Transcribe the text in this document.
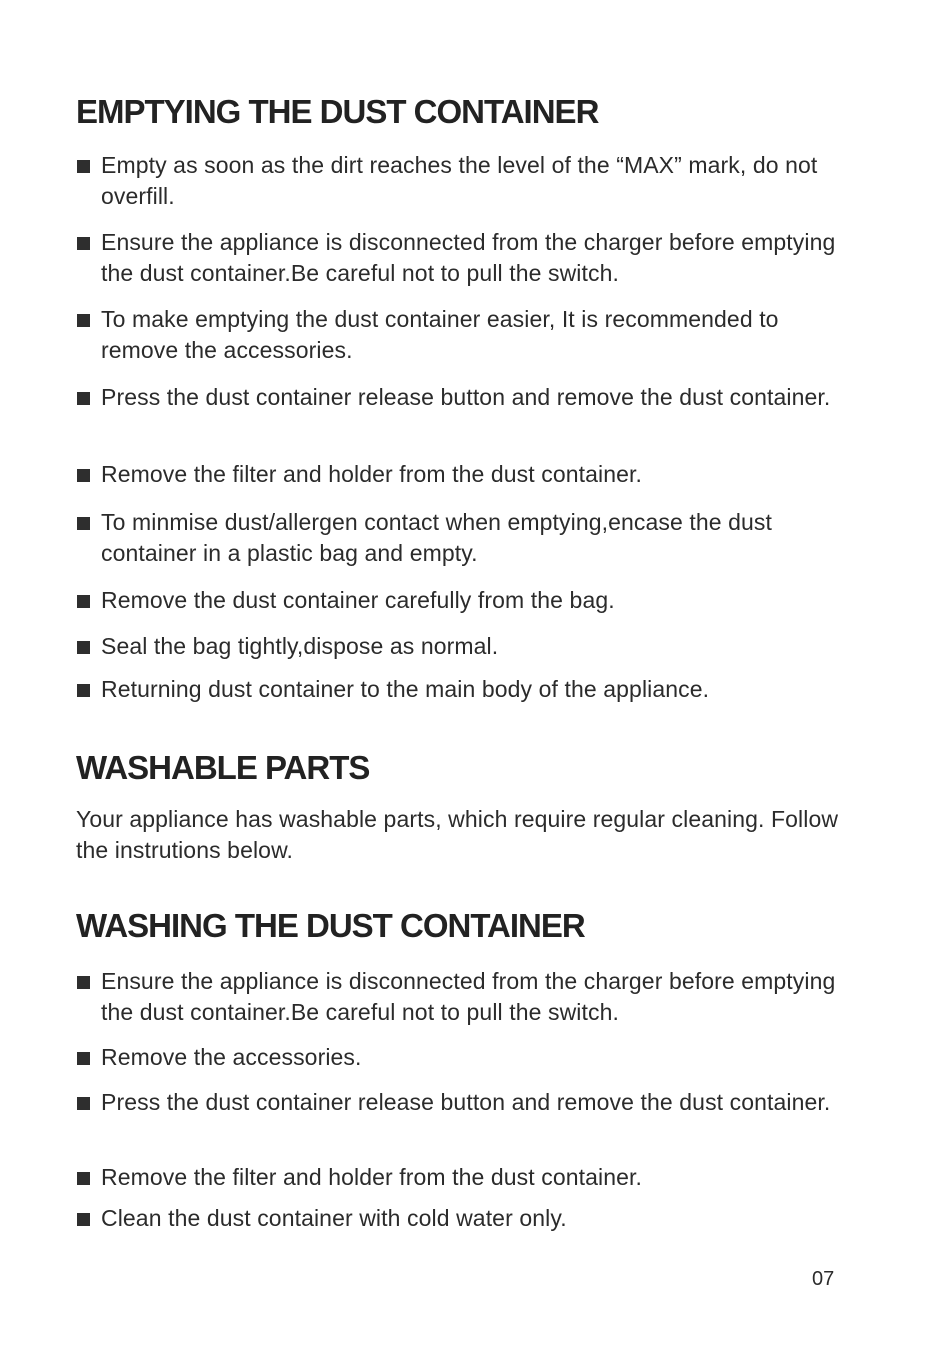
EMPTYING THE DUST CONTAINER
Empty as soon as the dirt reaches the level of the “MAX” mark, do not overfill.
Ensure the appliance is disconnected from the charger before emptying the dust container.Be careful not to pull the switch.
To make emptying the dust container easier, It is recommended to remove the accessories.
Press the dust container release button and remove the dust container.
Remove the filter and holder from the dust container.
To minmise dust/allergen contact when emptying,encase the dust container in a plastic bag and empty.
Remove the dust container carefully from the bag.
Seal the bag tightly,dispose as normal.
Returning dust container to the main body of the appliance.
WASHABLE PARTS

Your appliance has washable parts, which require regular cleaning. Follow the instrutions below.

WASHING THE DUST CONTAINER
Ensure the appliance is disconnected from the charger before emptying the dust container.Be careful not to pull the switch.
Remove the accessories.
Press the dust container release button and remove the dust container.
Remove the filter and holder from the dust container.
Clean the dust container with cold water only.
07
